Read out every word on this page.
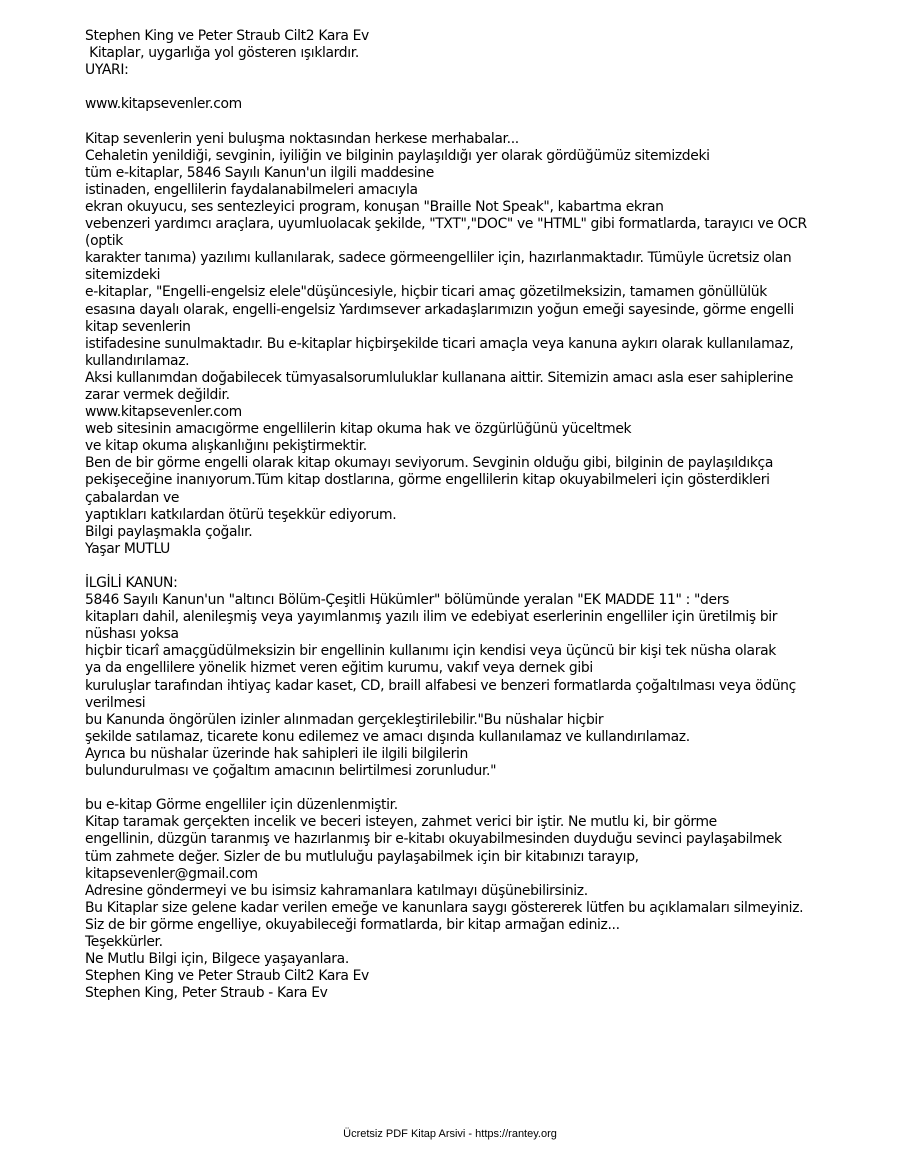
Stephen King ve Peter Straub Cilt2 Kara Ev
Kitaplar, uygarlığa yol gösteren ışıklardır.
UYARI:
www.kitapsevenler.com
Kitap sevenlerin yeni buluşma noktasından herkese merhabalar...
Cehaletin yenildiği, sevginin, iyiliğin ve bilginin paylaşıldığı yer olarak gördüğümüz sitemizdeki
tüm e-kitaplar, 5846 Sayılı Kanun'un ilgili maddesine
istinaden, engellilerin faydalanabilmeleri amacıyla
ekran okuyucu, ses sentezleyici program, konuşan "Braille Not Speak", kabartma ekran
vebenzeri yardımcı araçlara, uyumluolacak şekilde, "TXT","DOC" ve "HTML" gibi formatlarda, tarayıcı ve OCR
(optik
karakter tanıma) yazılımı kullanılarak, sadece görmeengelliler için, hazırlanmaktadır. Tümüyle ücretsiz olan
sitemizdeki
e-kitaplar, "Engelli-engelsiz elele"düşüncesiyle, hiçbir ticari amaç gözetilmeksizin, tamamen gönüllülük
esasına dayalı olarak, engelli-engelsiz Yardımsever arkadaşlarımızın yoğun emeği sayesinde, görme engelli
kitap sevenlerin
istifadesine sunulmaktadır. Bu e-kitaplar hiçbirşekilde ticari amaçla veya kanuna aykırı olarak kullanılamaz,
kullandırılamaz.
Aksi kullanımdan doğabilecek tümyasalsorumluluklar kullanana aittir. Sitemizin amacı asla eser sahiplerine
zarar vermek değildir.
www.kitapsevenler.com
web sitesinin amacıgörme engellilerin kitap okuma hak ve özgürlüğünü yüceltmek
ve kitap okuma alışkanlığını pekiştirmektir.
Ben de bir görme engelli olarak kitap okumayı seviyorum. Sevginin olduğu gibi, bilginin de paylaşıldıkça
pekişeceğine inanıyorum.Tüm kitap dostlarına, görme engellilerin kitap okuyabilmeleri için gösterdikleri
çabalardan ve
yaptıkları katkılardan ötürü teşekkür ediyorum.
Bilgi paylaşmakla çoğalır.
Yaşar MUTLU
İLGİLİ KANUN:
5846 Sayılı Kanun'un "altıncı Bölüm-Çeşitli Hükümler" bölümünde yeralan "EK MADDE 11" : "ders
kitapları dahil, alenileşmiş veya yayımlanmış yazılı ilim ve edebiyat eserlerinin engelliler için üretilmiş bir
nüshası yoksa
hiçbir ticarî amaçgüdülmeksizin bir engellinin kullanımı için kendisi veya üçüncü bir kişi tek nüsha olarak
ya da engellilere yönelik hizmet veren eğitim kurumu, vakıf veya dernek gibi
kuruluşlar tarafından ihtiyaç kadar kaset, CD, braill alfabesi ve benzeri formatlarda çoğaltılması veya ödünç
verilmesi
bu Kanunda öngörülen izinler alınmadan gerçekleştirilebilir."Bu nüshalar hiçbir
şekilde satılamaz, ticarete konu edilemez ve amacı dışında kullanılamaz ve kullandırılamaz.
Ayrıca bu nüshalar üzerinde hak sahipleri ile ilgili bilgilerin
bulundurulması ve çoğaltım amacının belirtilmesi zorunludur."
bu e-kitap Görme engelliler için düzenlenmiştir.
Kitap taramak gerçekten incelik ve beceri isteyen, zahmet verici bir iştir. Ne mutlu ki, bir görme
engellinin, düzgün taranmış ve hazırlanmış bir e-kitabı okuyabilmesinden duyduğu sevinci paylaşabilmek
tüm zahmete değer. Sizler de bu mutluluğu paylaşabilmek için bir kitabınızı tarayıp,
kitapsevenler@gmail.com
Adresine göndermeyi ve bu isimsiz kahramanlara katılmayı düşünebilirsiniz.
Bu Kitaplar size gelene kadar verilen emeğe ve kanunlara saygı göstererek lütfen bu açıklamaları silmeyiniz.
Siz de bir görme engelliye, okuyabileceği formatlarda, bir kitap armağan ediniz...
Teşekkürler.
Ne Mutlu Bilgi için, Bilgece yaşayanlara.
Stephen King ve Peter Straub Cilt2 Kara Ev
Stephen King, Peter Straub - Kara Ev
Ücretsiz PDF Kitap Arsivi - https://rantey.org
